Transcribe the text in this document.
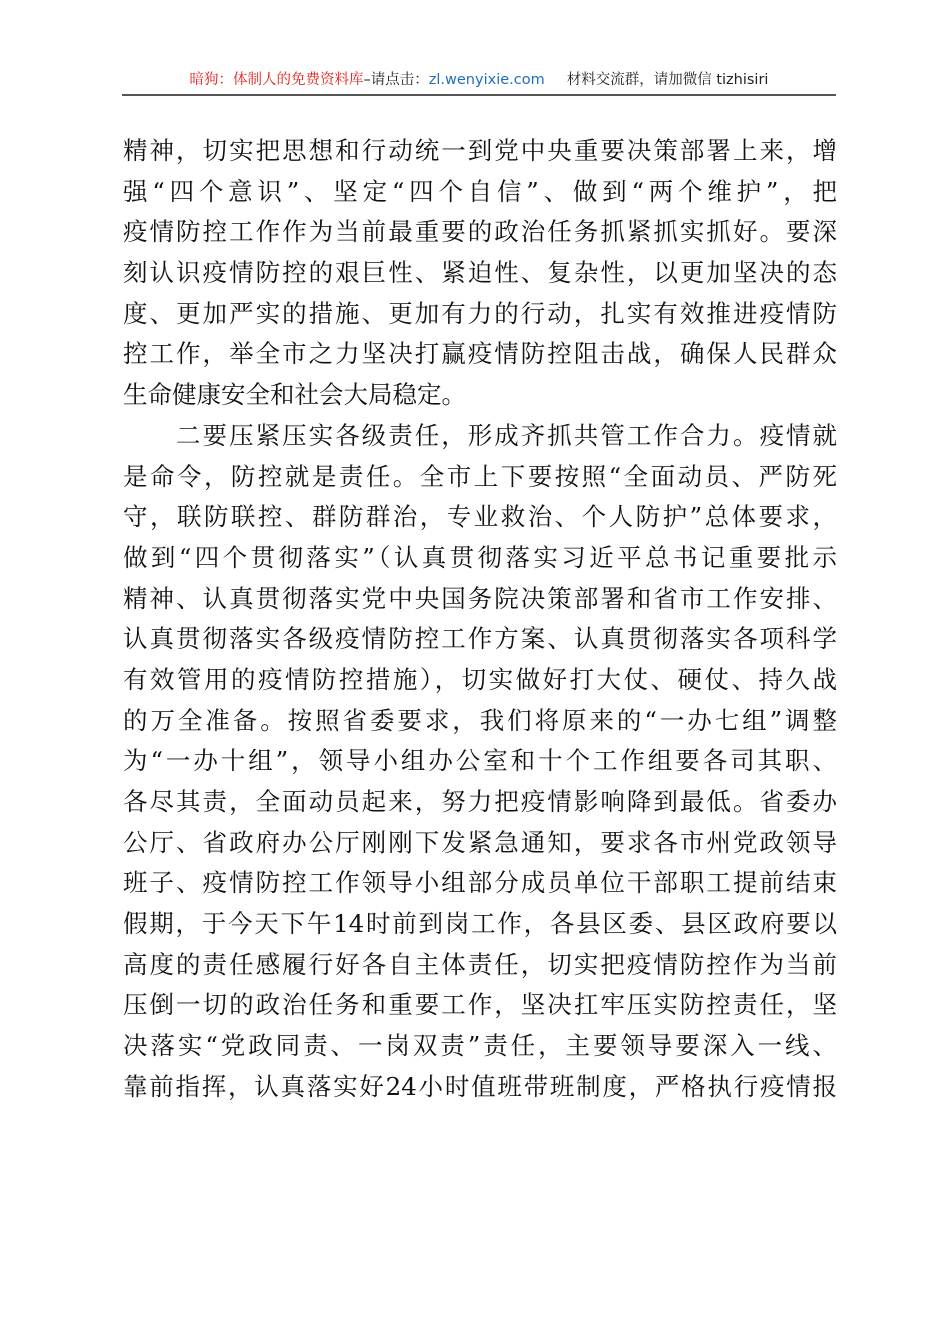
暗狗：体制人的免费资料库–请点击：zl.wenyixie.com 材料交流群，请加微信 tizhisiri
精神，切实把思想和行动统一到党中央重要决策部署上来，增
强“四个意识”、坚定“四个自信”、做到“两个维护”，把
疫情防控工作作为当前最重要的政治任务抓紧抓实抓好。要深
刻认识疫情防控的艰巨性、紧迫性、复杂性，以更加坚决的态
度、更加严实的措施、更加有力的行动，扎实有效推进疫情防
控工作，举全市之力坚决打赢疫情防控阻击战，确保人民群众
生命健康安全和社会大局稳定。
　　二要压紧压实各级责任，形成齐抓共管工作合力。疫情就
是命令，防控就是责任。全市上下要按照“全面动员、严防死
守，联防联控、群防群治，专业救治、个人防护”总体要求，
做到“四个贯彻落实”（认真贯彻落实习近平总书记重要批示
精神、认真贯彻落实党中央国务院决策部署和省市工作安排、
认真贯彻落实各级疫情防控工作方案、认真贯彻落实各项科学
有效管用的疫情防控措施），切实做好打大仗、硬仗、持久战
的万全准备。按照省委要求，我们将原来的“一办七组”调整
为“一办十组”，领导小组办公室和十个工作组要各司其职、
各尽其责，全面动员起来，努力把疫情影响降到最低。省委办
公厅、省政府办公厅刚刚下发紧急通知，要求各市州党政领导
班子、疫情防控工作领导小组部分成员单位干部职工提前结束
假期，于今天下午14时前到岗工作，各县区委、县区政府要以
高度的责任感履行好各自主体责任，切实把疫情防控作为当前
压倒一切的政治任务和重要工作，坚决扛牢压实防控责任，坚
决落实“党政同责、一岗双责”责任，主要领导要深入一线、
靠前指挥，认真落实好24小时值班带班制度，严格执行疫情报
